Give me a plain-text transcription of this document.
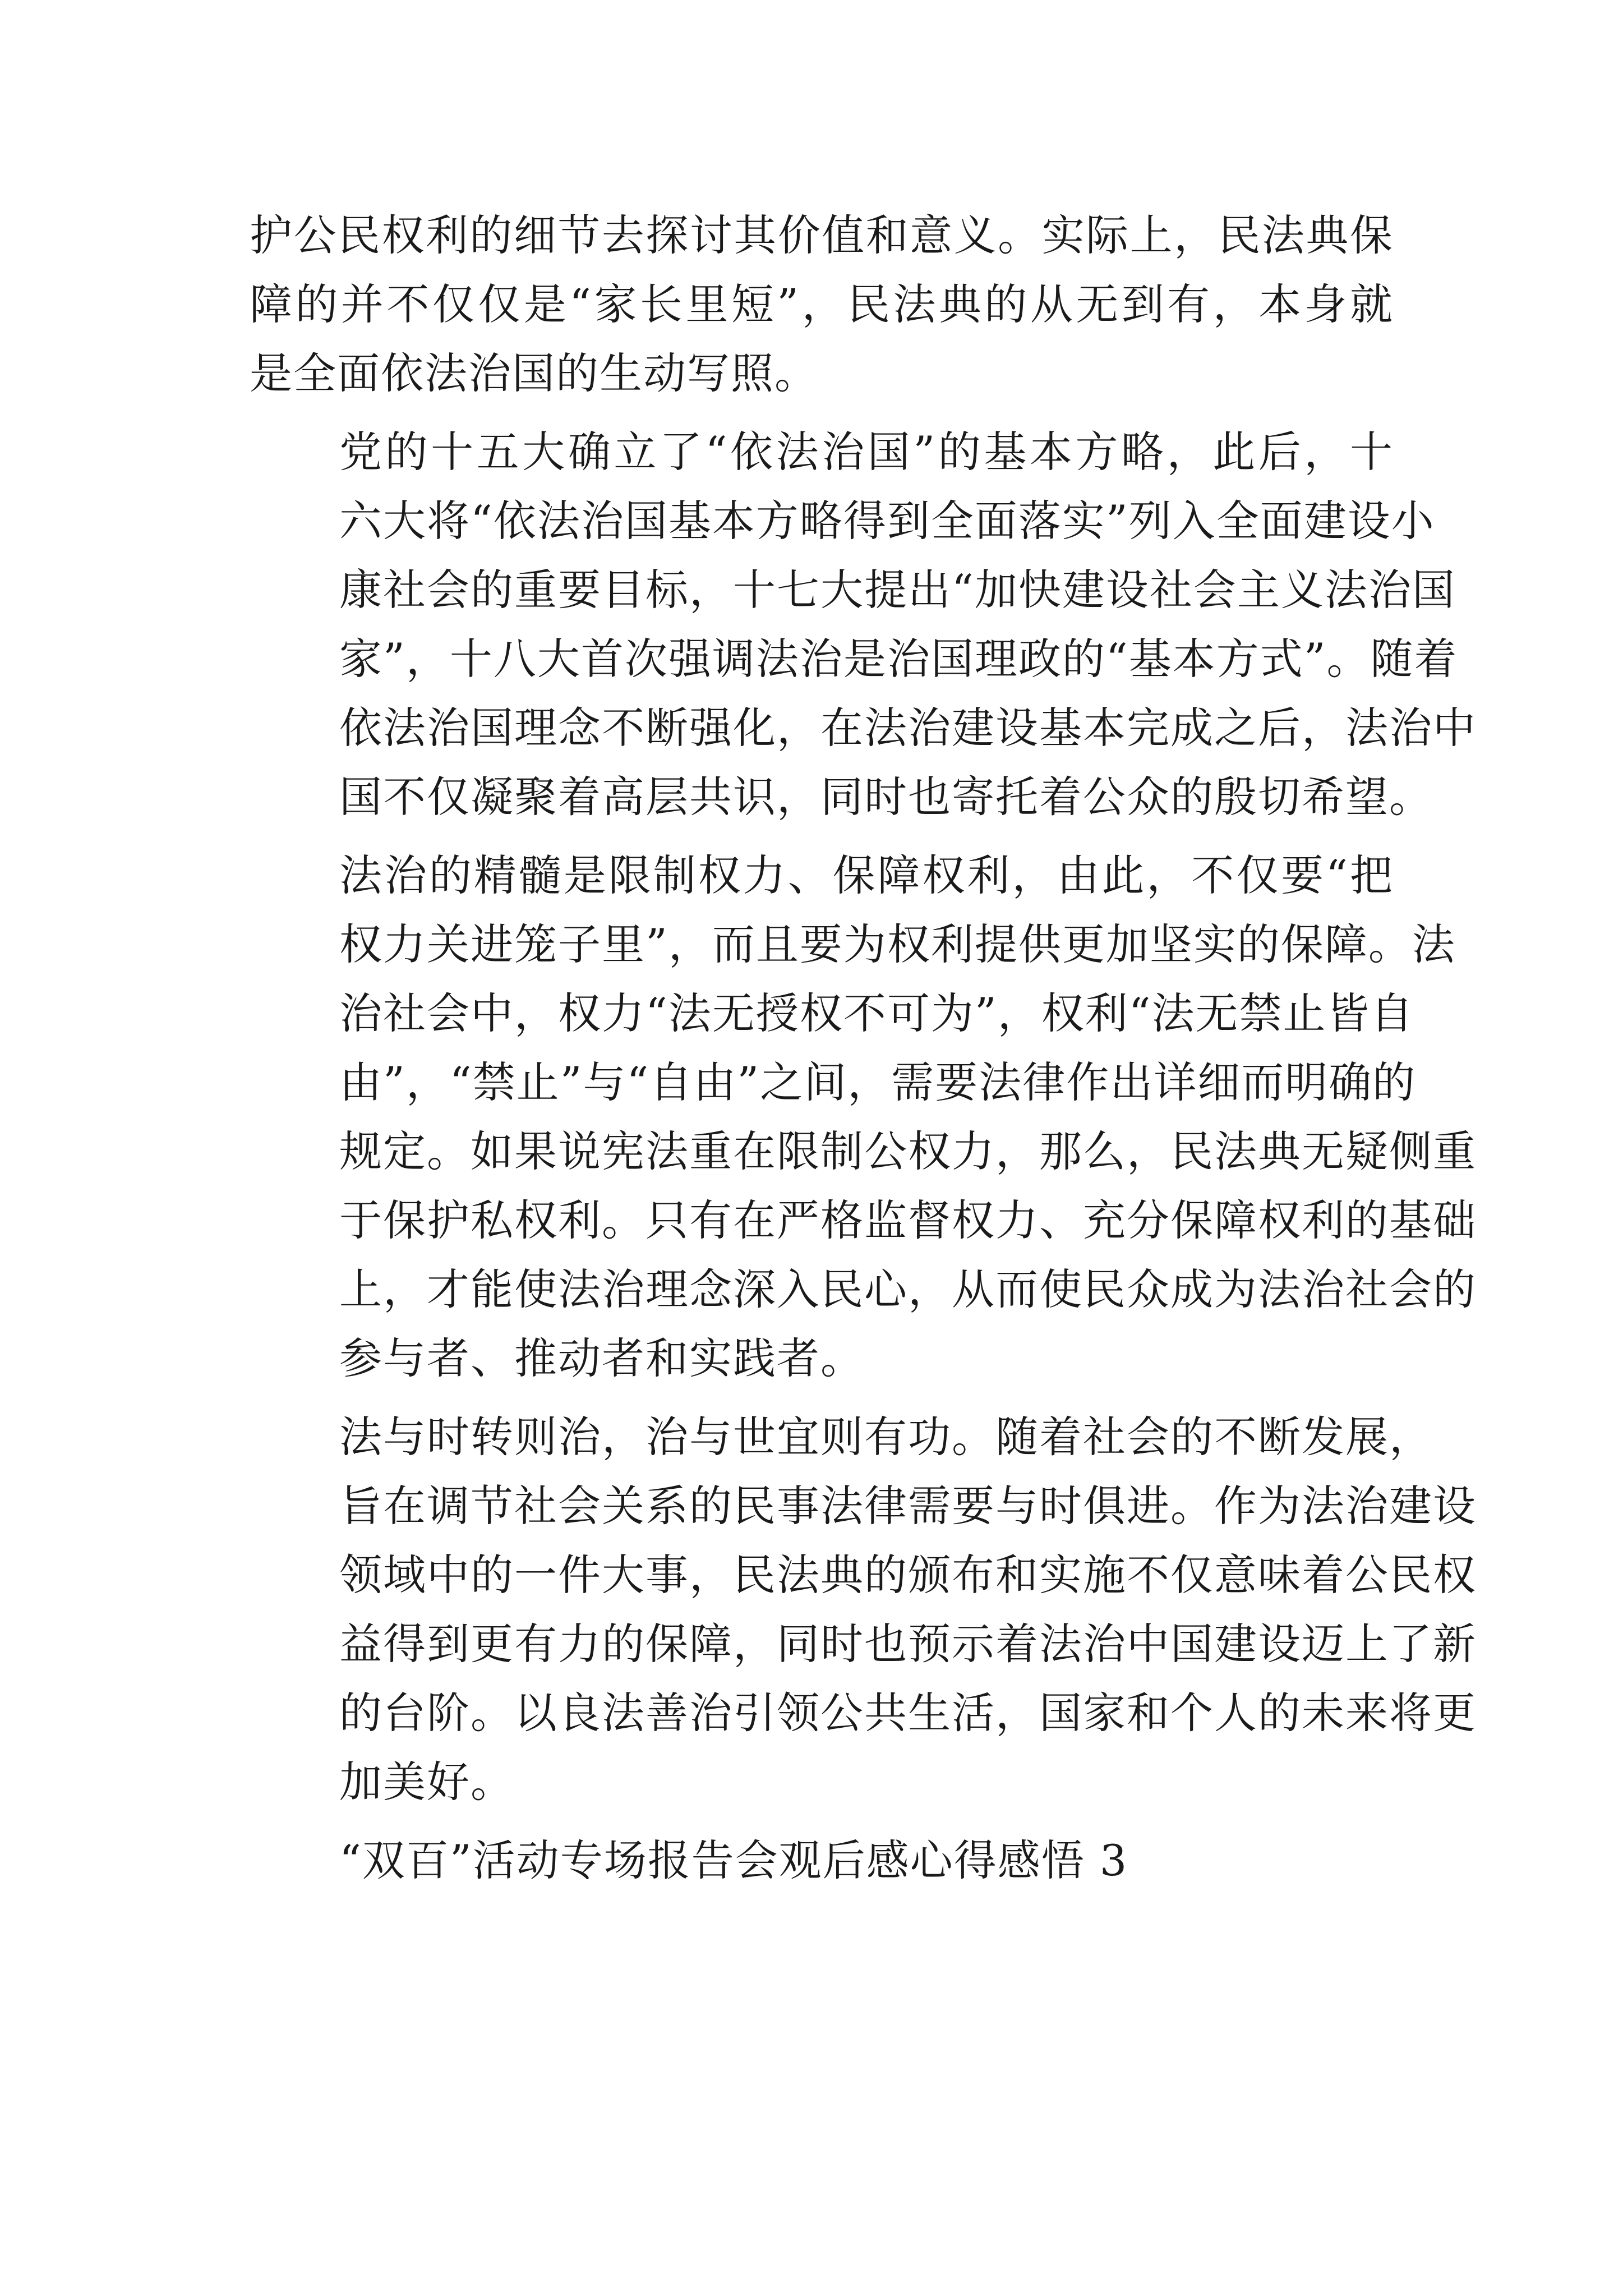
护公民权利的细节去探讨其价值和意义。实际上，民法典保
障的并不仅仅是“家长里短”，民法典的从无到有，本身就
是全面依法治国的生动写照。

党的十五大确立了“依法治国”的基本方略，此后，十
六大将“依法治国基本方略得到全面落实”列入全面建设小
康社会的重要目标，十七大提出“加快建设社会主义法治国
家”，十八大首次强调法治是治国理政的“基本方式”。随着
依法治国理念不断强化，在法治建设基本完成之后，法治中
国不仅凝聚着高层共识，同时也寄托着公众的殷切希望。

法治的精髓是限制权力、保障权利，由此，不仅要“把
权力关进笼子里”，而且要为权利提供更加坚实的保障。法
治社会中，权力“法无授权不可为”，权利“法无禁止皆自
由”，“禁止”与“自由”之间，需要法律作出详细而明确的
规定。如果说宪法重在限制公权力，那么，民法典无疑侧重
于保护私权利。只有在严格监督权力、充分保障权利的基础
上，才能使法治理念深入民心，从而使民众成为法治社会的
参与者、推动者和实践者。

法与时转则治，治与世宜则有功。随着社会的不断发展，
旨在调节社会关系的民事法律需要与时俱进。作为法治建设
领域中的一件大事，民法典的颁布和实施不仅意味着公民权
益得到更有力的保障，同时也预示着法治中国建设迈上了新
的台阶。以良法善治引领公共生活，国家和个人的未来将更
加美好。

“双百”活动专场报告会观后感心得感悟 3
